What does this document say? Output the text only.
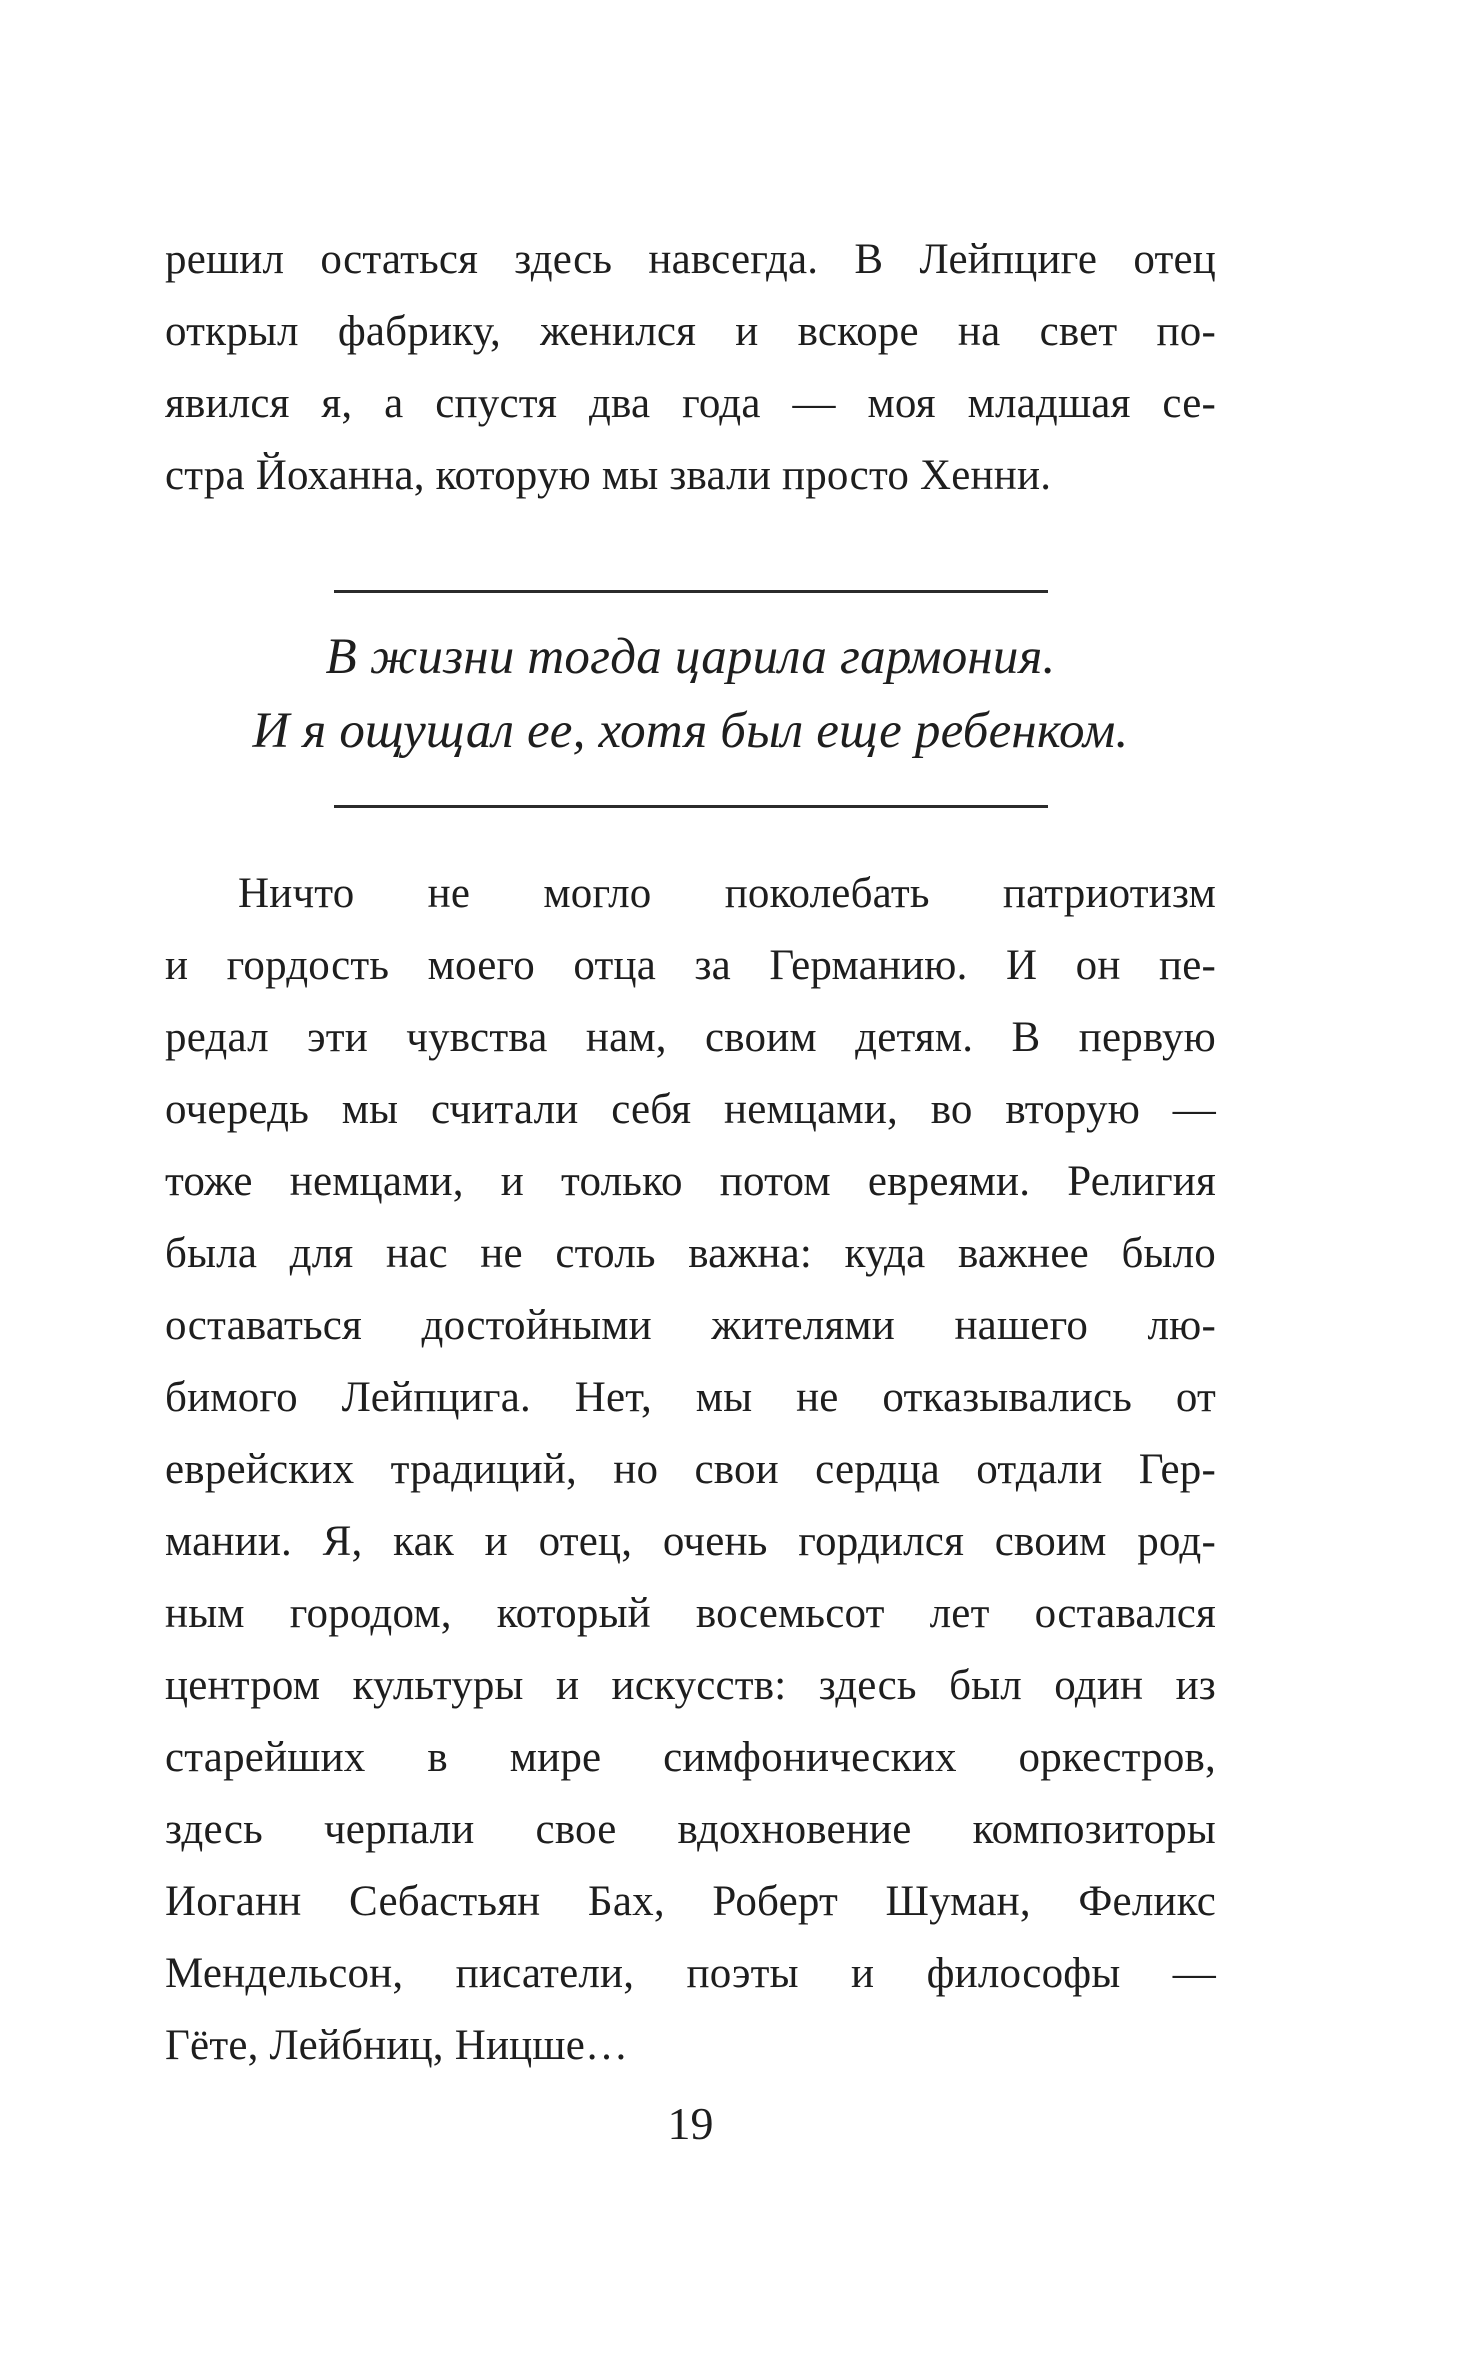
решил остаться здесь навсегда. В Лейпциге отец
открыл фабрику, женился и вскоре на свет по-
явился я, а спустя два года — моя младшая се-
стра Йоханна, которую мы звали просто Хенни.
В жизни тогда царила гармония.
И я ощущал ее, хотя был еще ребенком.
Ничто не могло поколебать патриотизм
и гордость моего отца за Германию. И он пе-
редал эти чувства нам, своим детям. В первую
очередь мы считали себя немцами, во вторую —
тоже немцами, и только потом евреями. Религия
была для нас не столь важна: куда важнее было
оставаться достойными жителями нашего лю-
бимого Лейпцига. Нет, мы не отказывались от
еврейских традиций, но свои сердца отдали Гер-
мании. Я, как и отец, очень гордился своим род-
ным городом, который восемьсот лет оставался
центром культуры и искусств: здесь был один из
старейших в мире симфонических оркестров,
здесь черпали свое вдохновение композиторы
Иоганн Себастьян Бах, Роберт Шуман, Феликс
Мендельсон, писатели, поэты и философы —
Гёте, Лейбниц, Ницше…
19
